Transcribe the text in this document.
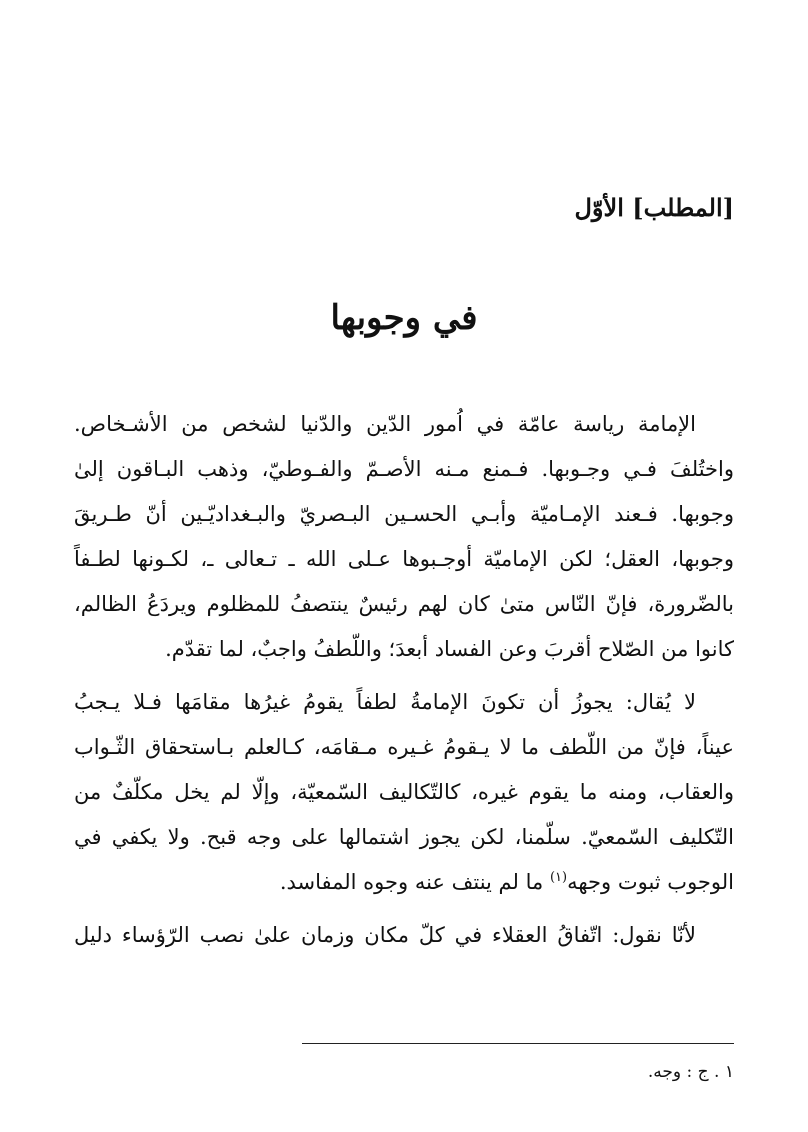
[المطلب] الأوّل
في وجوبها

الإمامة رياسة عامّة في اُمور الدّين والدّنيا لشخص من الأشـخاص.
واختُلفَ فـي وجـوبها. فـمنع مـنه الأصـمّ والفـوطيّ، وذهب البـاقون إلىٰ
وجوبها. فـعند الإمـاميّة وأبـي الحسـين البـصريّ والبـغداديّـين أنّ طـريقَ
وجوبها، العقل؛ لكن الإماميّة أوجـبوها عـلى الله ـ تـعالى ـ، لكـونها لطـفاً
بالضّرورة، فإنّ النّاس متىٰ كان لهم رئيسٌ ينتصفُ للمظلوم ويردَعُ الظالم،
كانوا من الصّلاح أقربَ وعن الفساد أبعدَ؛ واللّطفُ واجبٌ، لما تقدّم.

لا يُقال: يجوزُ أن تكونَ الإمامةُ لطفاً يقومُ غيرُها مقامَها فـلا يـجبُ
عيناً، فإنّ من اللّطف ما لا يـقومُ غـيره مـقامَه، كـالعلم بـاستحقاق الثّـواب
والعقاب، ومنه ما يقوم غيره، كالتّكاليف السّمعيّة، وإلّا لم يخل مكلّفٌ من
التّكليف السّمعيّ. سلّمنا، لكن يجوز اشتمالها على وجه قبح. ولا يكفي في
الوجوب ثبوت وجهه$^{(١)}$ ما لم ينتف عنه وجوه المفاسد.

لأنّا نقول: اتّفاقُ العقلاء في كلّ مكان وزمان علىٰ نصب الرّؤساء دليل

١ . ج : وجه.
